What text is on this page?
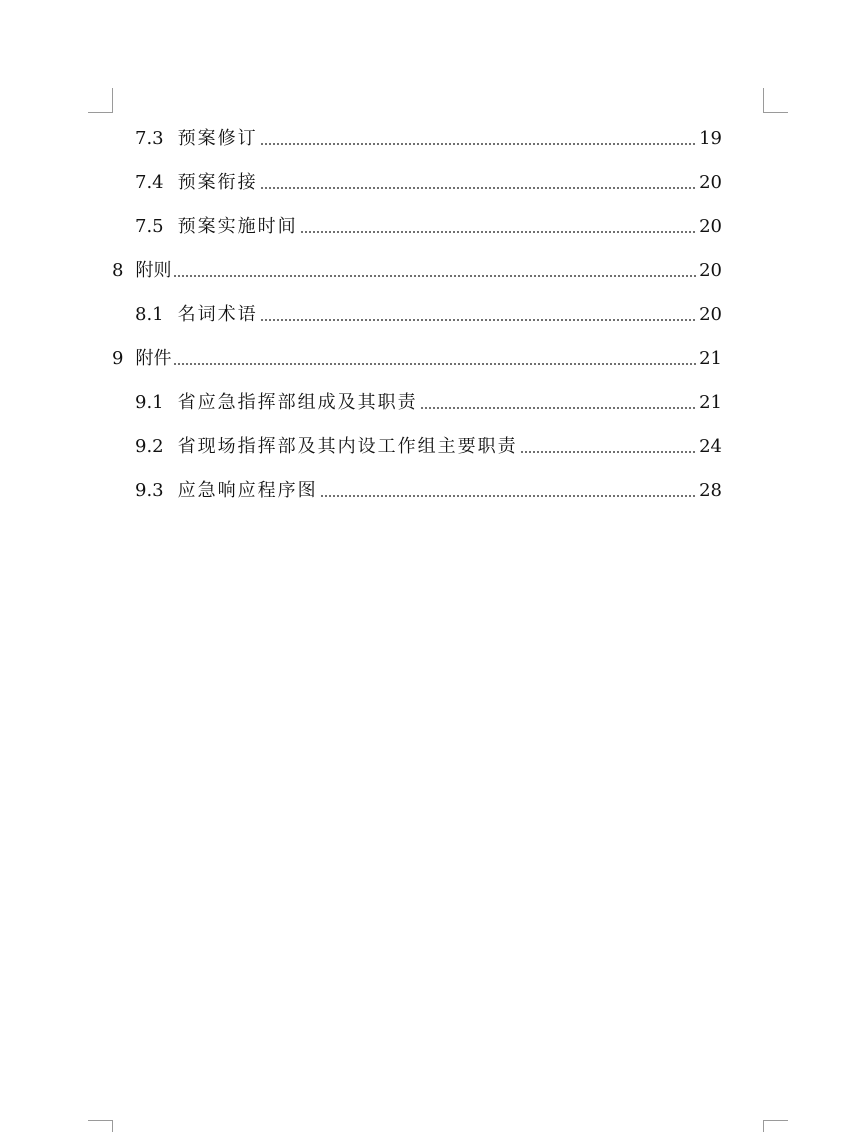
7.3 预案修订	19
7.4 预案衔接	20
7.5 预案实施时间	20
8 附则	20
8.1 名词术语	20
9 附件	21
9.1 省应急指挥部组成及其职责	21
9.2 省现场指挥部及其内设工作组主要职责	24
9.3 应急响应程序图	28
